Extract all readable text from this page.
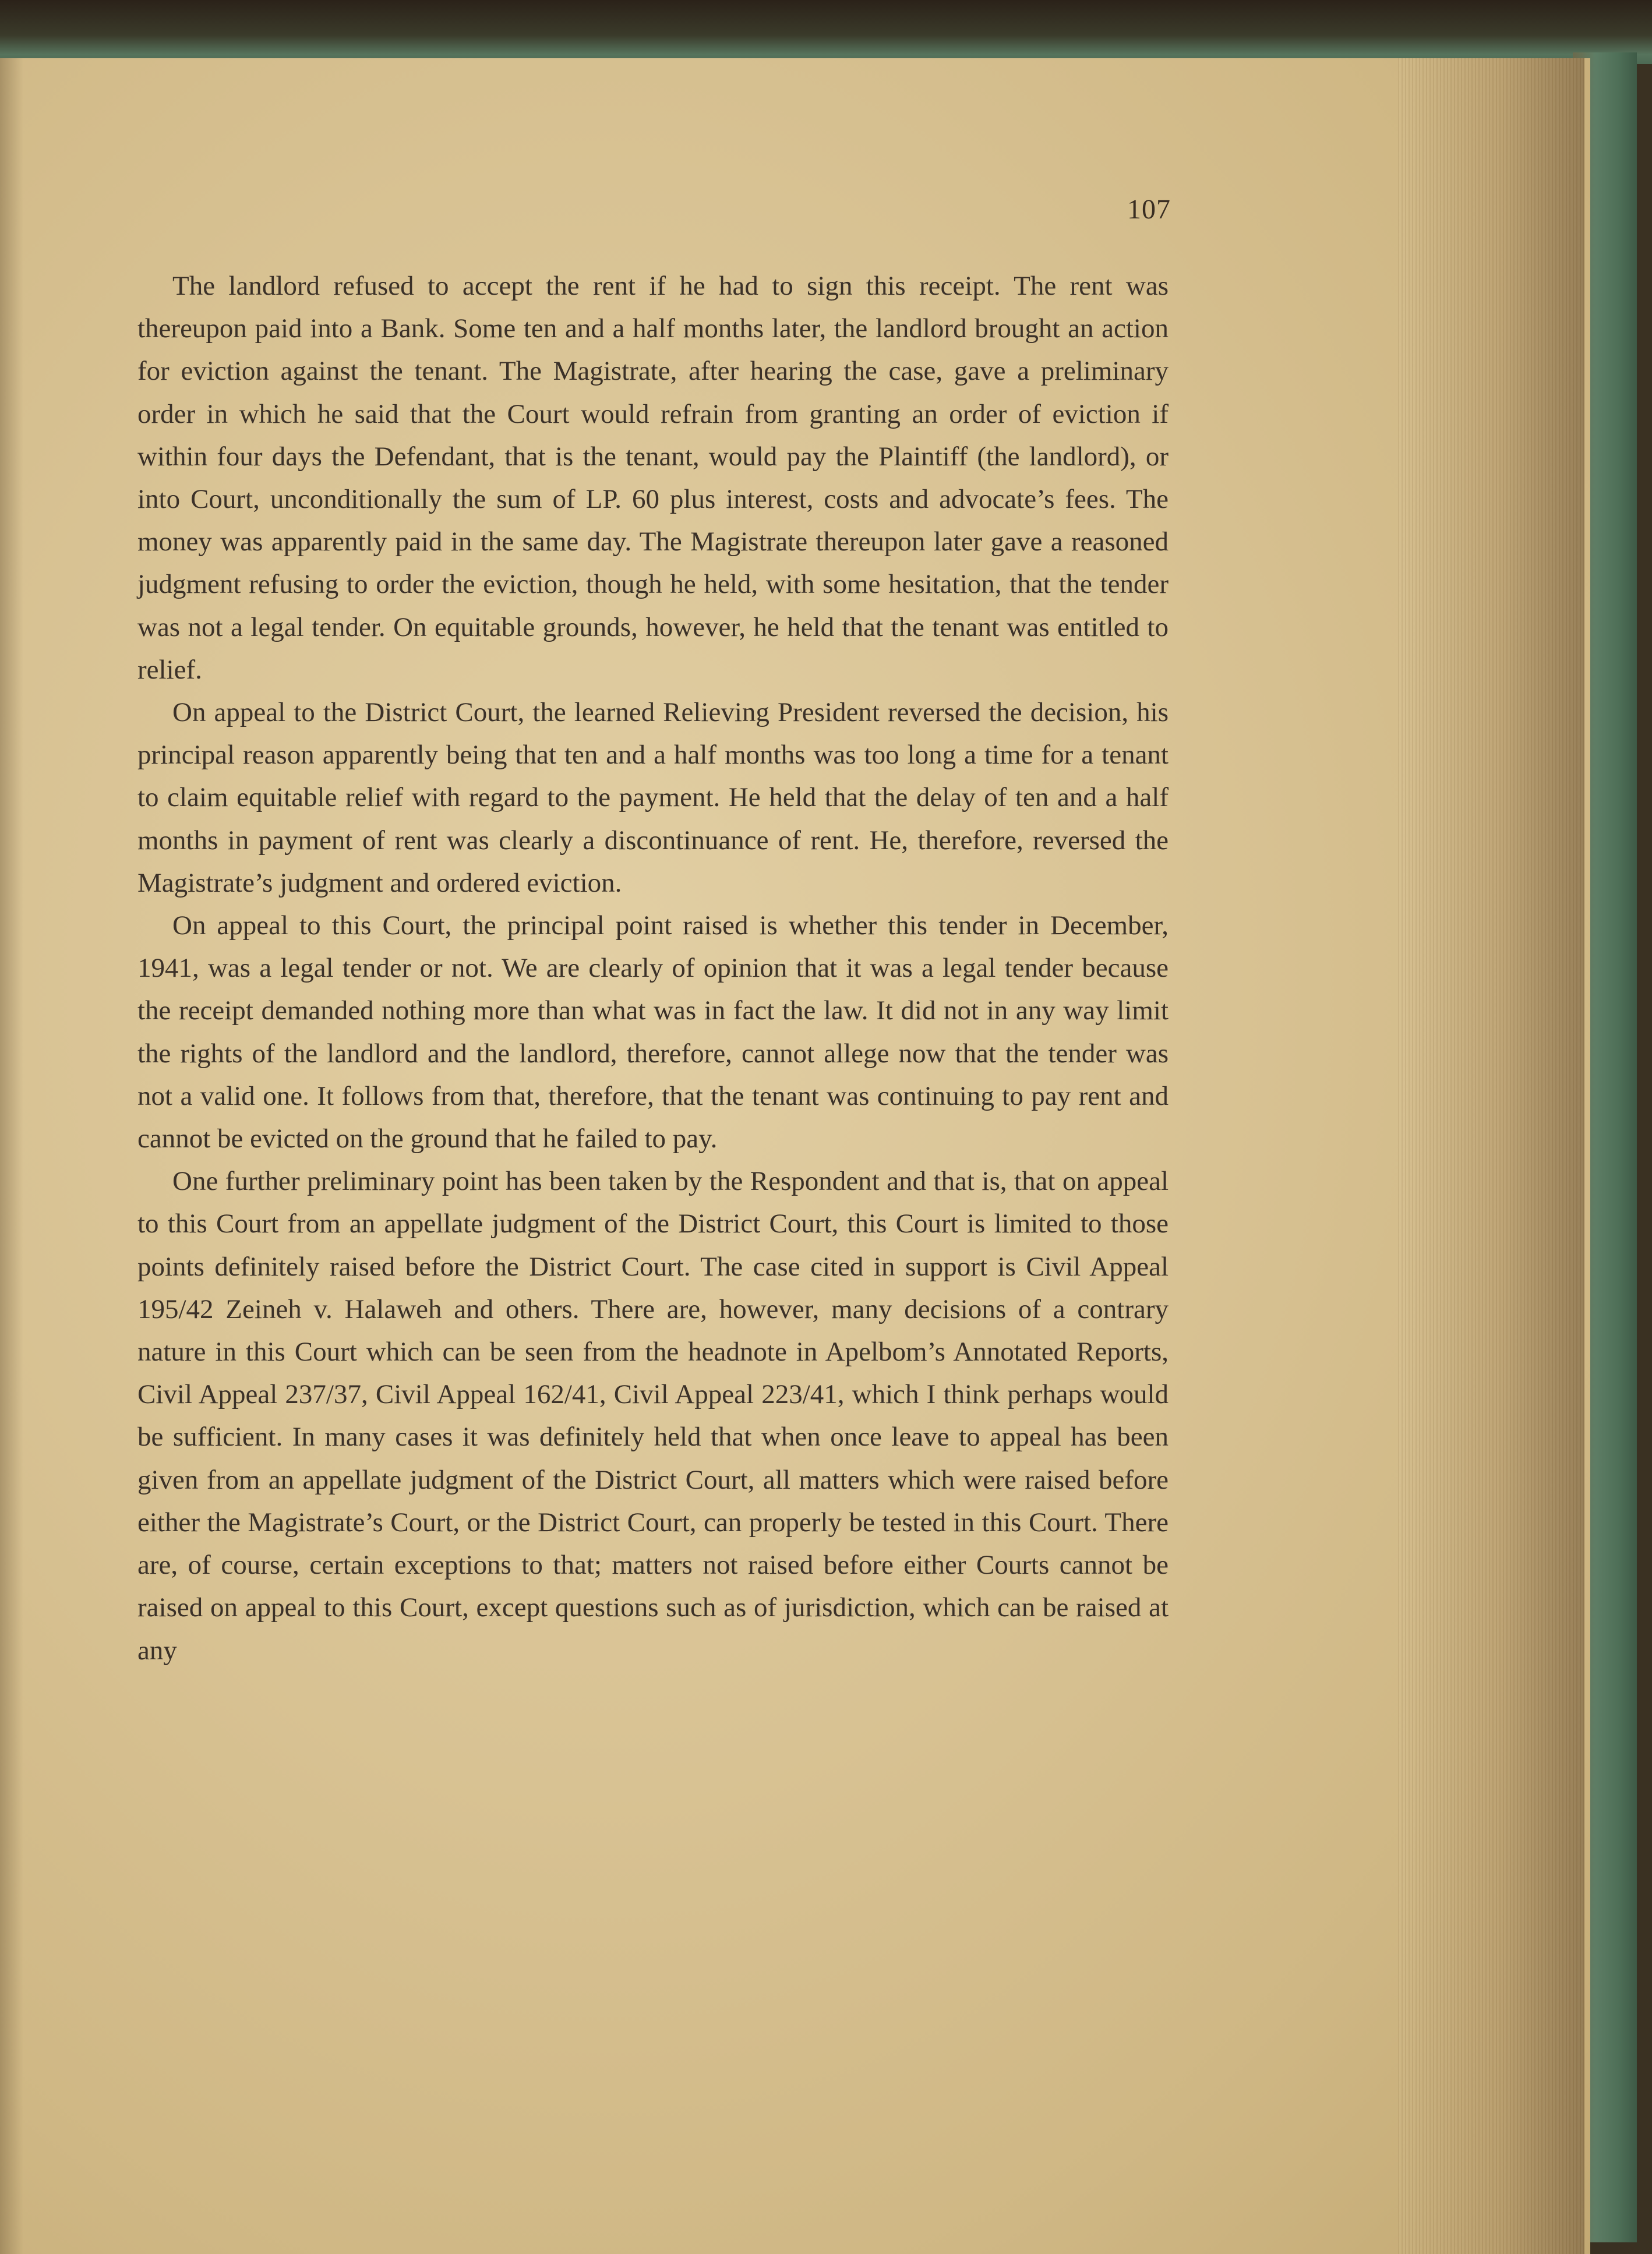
107

The landlord refused to accept the rent if he had to sign this receipt. The rent was thereupon paid into a Bank. Some ten and a half months later, the landlord brought an action for eviction against the tenant. The Magistrate, after hearing the case, gave a preliminary order in which he said that the Court would refrain from granting an order of eviction if within four days the Defendant, that is the tenant, would pay the Plaintiff (the landlord), or into Court, unconditionally the sum of LP. 60 plus interest, costs and advocate’s fees. The money was apparently paid in the same day. The Magistrate thereupon later gave a reasoned judgment refusing to order the eviction, though he held, with some hesitation, that the tender was not a legal tender. On equitable grounds, however, he held that the tenant was entitled to relief.

On appeal to the District Court, the learned Relieving President reversed the decision, his principal reason apparently being that ten and a half months was too long a time for a tenant to claim equitable relief with regard to the payment. He held that the delay of ten and a half months in payment of rent was clearly a discontinuance of rent. He, therefore, reversed the Magistrate’s judgment and ordered eviction.

On appeal to this Court, the principal point raised is whether this tender in December, 1941, was a legal tender or not. We are clearly of opinion that it was a legal tender because the receipt demanded nothing more than what was in fact the law. It did not in any way limit the rights of the landlord and the landlord, therefore, cannot allege now that the tender was not a valid one. It follows from that, therefore, that the tenant was continuing to pay rent and cannot be evicted on the ground that he failed to pay.

One further preliminary point has been taken by the Respondent and that is, that on appeal to this Court from an appellate judgment of the District Court, this Court is limited to those points definitely raised before the District Court. The case cited in support is Civil Appeal 195/42 Zeineh v. Halaweh and others. There are, however, many decisions of a contrary nature in this Court which can be seen from the headnote in Apelbom’s Annotated Reports, Civil Appeal 237/37, Civil Appeal 162/41, Civil Appeal 223/41, which I think perhaps would be sufficient. In many cases it was definitely held that when once leave to appeal has been given from an appellate judgment of the District Court, all matters which were raised before either the Magistrate’s Court, or the District Court, can properly be tested in this Court. There are, of course, certain exceptions to that; matters not raised before either Courts cannot be raised on appeal to this Court, except questions such as of jurisdiction, which can be raised at any
